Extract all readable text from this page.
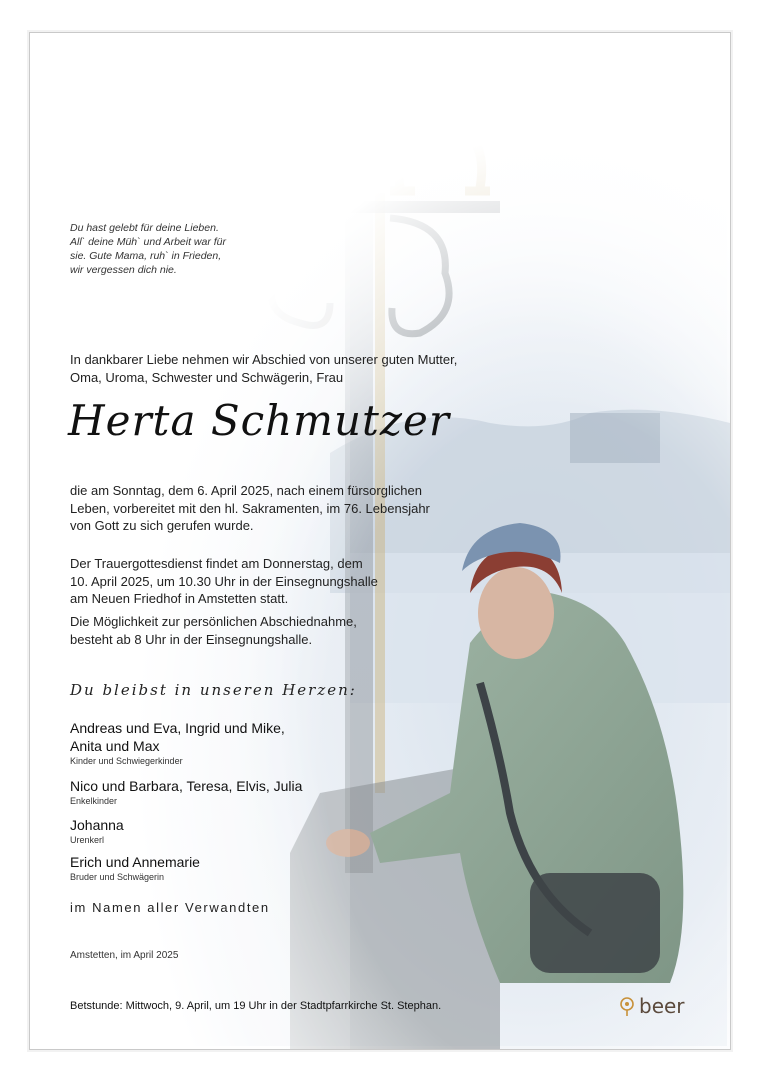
Du hast gelebt für deine Lieben.
All` deine Müh` und Arbeit war für
sie. Gute Mama, ruh` in Frieden,
wir vergessen dich nie.
In dankbarer Liebe nehmen wir Abschied von unserer guten Mutter,
Oma, Uroma, Schwester und Schwägerin, Frau
Herta Schmutzer
die am Sonntag, dem 6. April 2025, nach einem fürsorglichen
Leben, vorbereitet mit den hl. Sakramenten, im 76. Lebensjahr
von Gott zu sich gerufen wurde.
Der Trauergottesdienst findet am Donnerstag, dem
10. April 2025, um 10.30 Uhr in der Einsegnungshalle
am Neuen Friedhof in Amstetten statt.
Die Möglichkeit zur persönlichen Abschiednahme,
besteht ab 8 Uhr in der Einsegnungshalle.
Du bleibst in unseren Herzen:
Andreas und Eva, Ingrid und Mike,
Anita und Max
Kinder und Schwiegerkinder
Nico und Barbara, Teresa, Elvis, Julia
Enkelkinder
Johanna
Urenkerl
Erich und Annemarie
Bruder und Schwägerin
im Namen aller Verwandten
Amstetten, im April 2025
Betstunde: Mittwoch, 9. April, um 19 Uhr in der Stadtpfarrkirche St. Stephan.	beer
